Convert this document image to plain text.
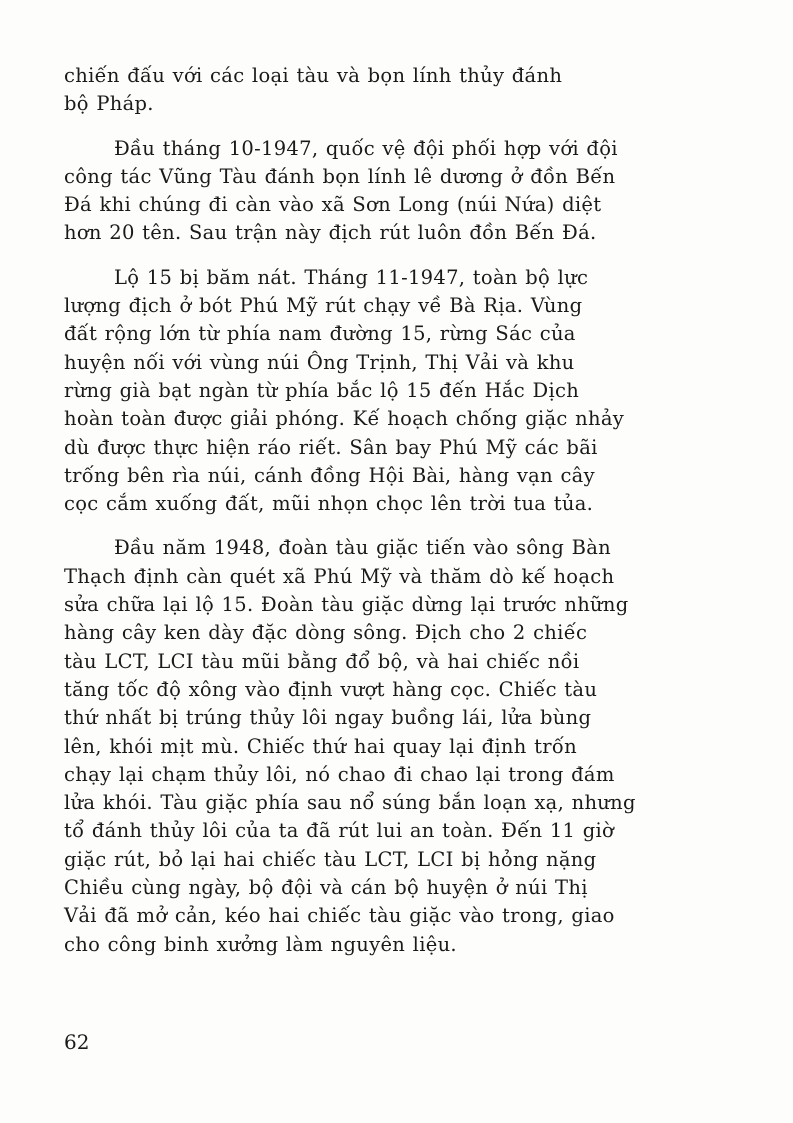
chiến đấu với các loại tàu và bọn lính thủy đánh
bộ Pháp.
Đầu tháng 10-1947, quốc vệ đội phối hợp với đội
công tác Vũng Tàu đánh bọn lính lê dương ở đồn Bến
Đá khi chúng đi càn vào xã Sơn Long (núi Nứa) diệt
hơn 20 tên. Sau trận này địch rút luôn đồn Bến Đá.
Lộ 15 bị băm nát. Tháng 11-1947, toàn bộ lực
lượng địch ở bót Phú Mỹ rút chạy về Bà Rịa. Vùng
đất rộng lớn từ phía nam đường 15, rừng Sác của
huyện nối với vùng núi Ông Trịnh, Thị Vải và khu
rừng già bạt ngàn từ phía bắc lộ 15 đến Hắc Dịch
hoàn toàn được giải phóng. Kế hoạch chống giặc nhảy
dù được thực hiện ráo riết. Sân bay Phú Mỹ các bãi
trống bên rìa núi, cánh đồng Hội Bài, hàng vạn cây
cọc cắm xuống đất, mũi nhọn chọc lên trời tua tủa.
Đầu năm 1948, đoàn tàu giặc tiến vào sông Bàn
Thạch định càn quét xã Phú Mỹ và thăm dò kế hoạch
sửa chữa lại lộ 15. Đoàn tàu giặc dừng lại trước những
hàng cây ken dày đặc dòng sông. Địch cho 2 chiếc
tàu LCT, LCI tàu mũi bằng đổ bộ, và hai chiếc nồi
tăng tốc độ xông vào định vượt hàng cọc. Chiếc tàu
thứ nhất bị trúng thủy lôi ngay buồng lái, lửa bùng
lên, khói mịt mù. Chiếc thứ hai quay lại định trốn
chạy lại chạm thủy lôi, nó chao đi chao lại trong đám
lửa khói. Tàu giặc phía sau nổ súng bắn loạn xạ, nhưng
tổ đánh thủy lôi của ta đã rút lui an toàn. Đến 11 giờ
giặc rút, bỏ lại hai chiếc tàu LCT, LCI bị hỏng nặng
Chiều cùng ngày, bộ đội và cán bộ huyện ở núi Thị
Vải đã mở cản, kéo hai chiếc tàu giặc vào trong, giao
cho công binh xưởng làm nguyên liệu.
62
